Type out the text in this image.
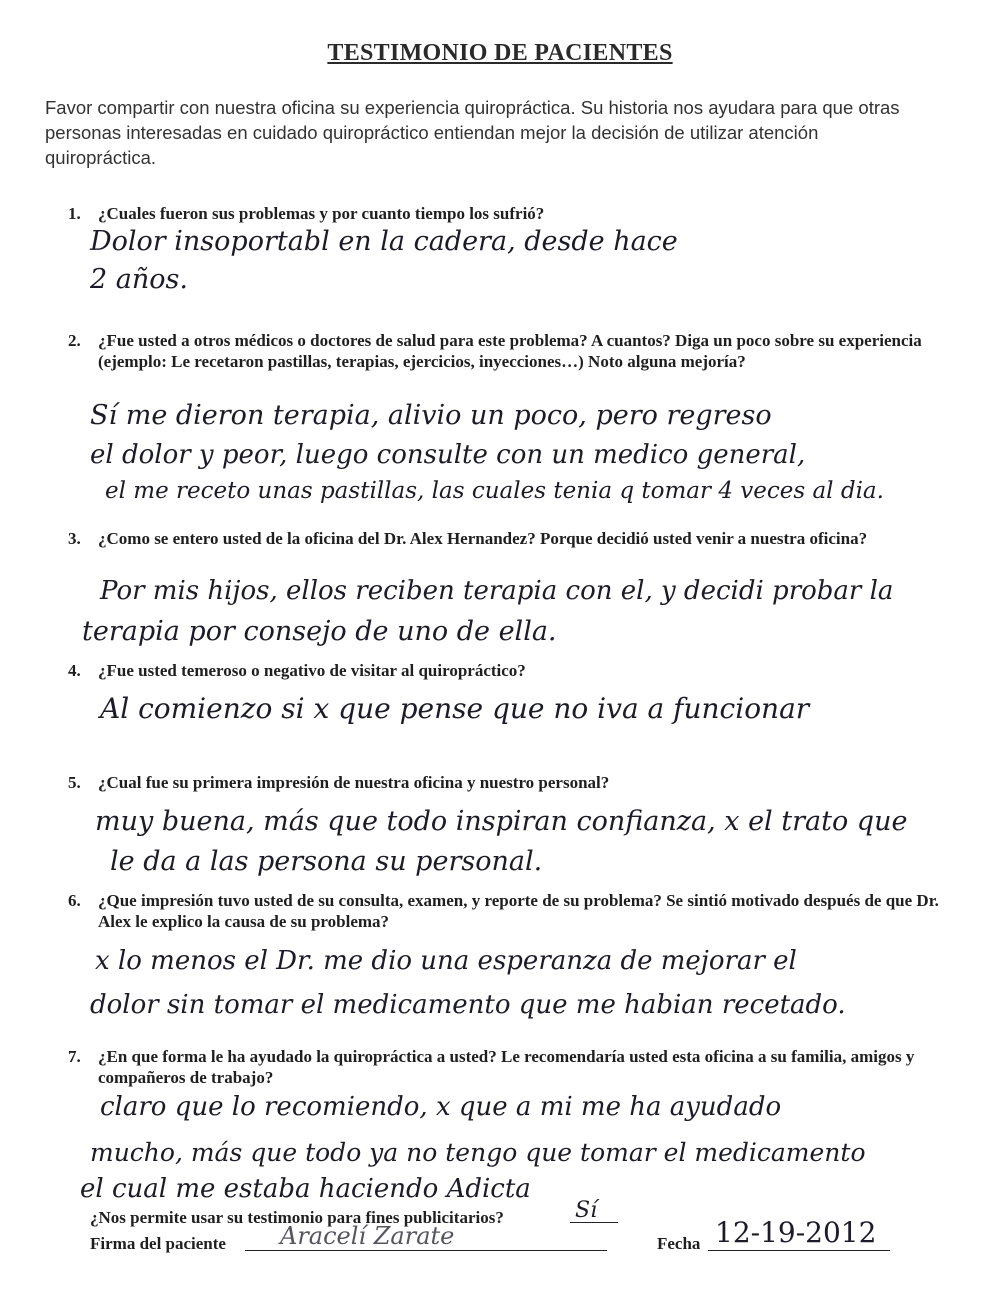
TESTIMONIO DE PACIENTES
Favor compartir con nuestra oficina su experiencia quiropráctica. Su historia nos ayudara para que otras personas interesadas en cuidado quiropráctico entiendan mejor la decisión de utilizar atención quiropráctica.
1.	¿Cuales fueron sus problemas y por cuanto tiempo los sufrió?
Dolor insoportabl en la cadera, desde hace
2 años.
2.	¿Fue usted a otros médicos o doctores de salud para este problema? A cuantos? Diga un poco sobre su experiencia (ejemplo: Le recetaron pastillas, terapias, ejercicios, inyecciones…) Noto alguna mejoría?
Sí me dieron terapia, alivio un poco, pero regreso
el dolor y peor, luego consulte con un medico general,
el me receto unas pastillas, las cuales tenia q tomar 4 veces al dia.
3.	¿Como se entero usted de la oficina del Dr. Alex Hernandez? Porque decidió usted venir a nuestra oficina?
Por mis hijos, ellos reciben terapia con el, y decidi probar la
terapia por consejo de uno de ella.
4.	¿Fue usted temeroso o negativo de visitar al quiropráctico?
Al comienzo si x que pense que no iva a funcionar
5.	¿Cual fue su primera impresión de nuestra oficina y nuestro personal?
muy buena, más que todo inspiran confianza, x el trato que
le da a las persona su personal.
6.	¿Que impresión tuvo usted de su consulta, examen, y reporte de su problema? Se sintió motivado después de que Dr. Alex le explico la causa de su problema?
x lo menos el Dr. me dio una esperanza de mejorar el
dolor sin tomar el medicamento que me habian recetado.
7.	¿En que forma le ha ayudado la quiropráctica a usted? Le recomendaría usted esta oficina a su familia, amigos y compañeros de trabajo?
claro que lo recomiendo, x que a mi me ha ayudado
mucho, más que todo ya no tengo que tomar el medicamento
el cual me estaba haciendo Adicta
¿Nos permite usar su testimonio para fines publicitarios?	Sí
Firma del paciente Aracelí Zarate	Fecha 12-19-2012
